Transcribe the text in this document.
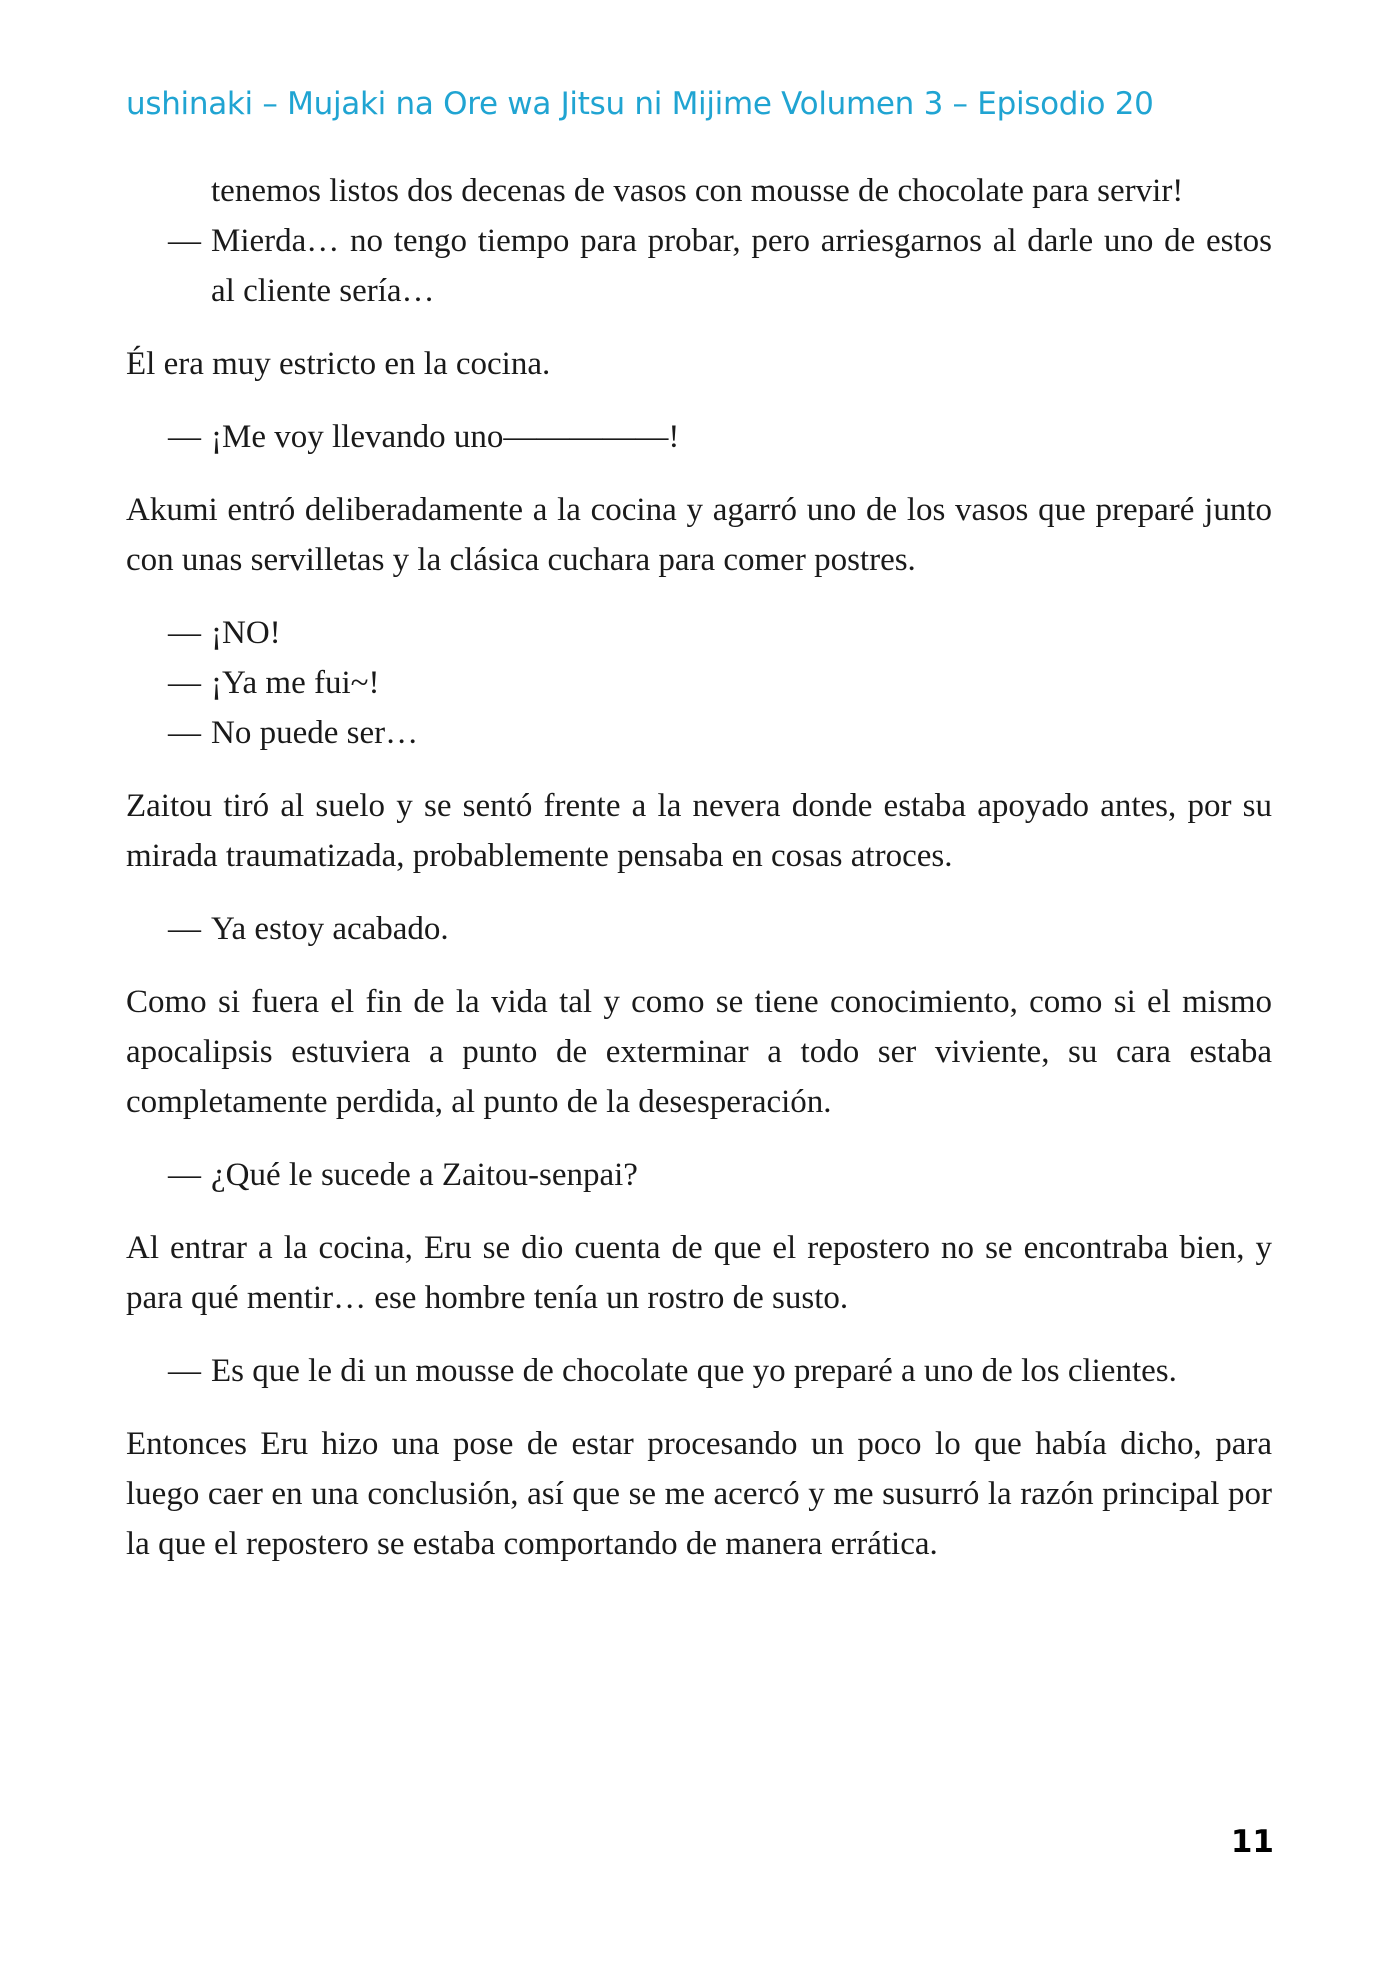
ushinaki – Mujaki na Ore wa Jitsu ni Mijime Volumen 3 – Episodio 20

tenemos listos dos decenas de vasos con mousse de chocolate para servir!

— Mierda… no tengo tiempo para probar, pero arriesgarnos al darle uno de estos al cliente sería…

Él era muy estricto en la cocina.

— ¡Me voy llevando uno—————!

Akumi entró deliberadamente a la cocina y agarró uno de los vasos que preparé junto con unas servilletas y la clásica cuchara para comer postres.

— ¡NO!

— ¡Ya me fui~!

— No puede ser…

Zaitou tiró al suelo y se sentó frente a la nevera donde estaba apoyado antes, por su mirada traumatizada, probablemente pensaba en cosas atroces.

— Ya estoy acabado.

Como si fuera el fin de la vida tal y como se tiene conocimiento, como si el mismo apocalipsis estuviera a punto de exterminar a todo ser viviente, su cara estaba completamente perdida, al punto de la desesperación.

— ¿Qué le sucede a Zaitou-senpai?

Al entrar a la cocina, Eru se dio cuenta de que el repostero no se encontraba bien, y para qué mentir… ese hombre tenía un rostro de susto.

— Es que le di un mousse de chocolate que yo preparé a uno de los clientes.

Entonces Eru hizo una pose de estar procesando un poco lo que había dicho, para luego caer en una conclusión, así que se me acercó y me susurró la razón principal por la que el repostero se estaba comportando de manera errática.

11
